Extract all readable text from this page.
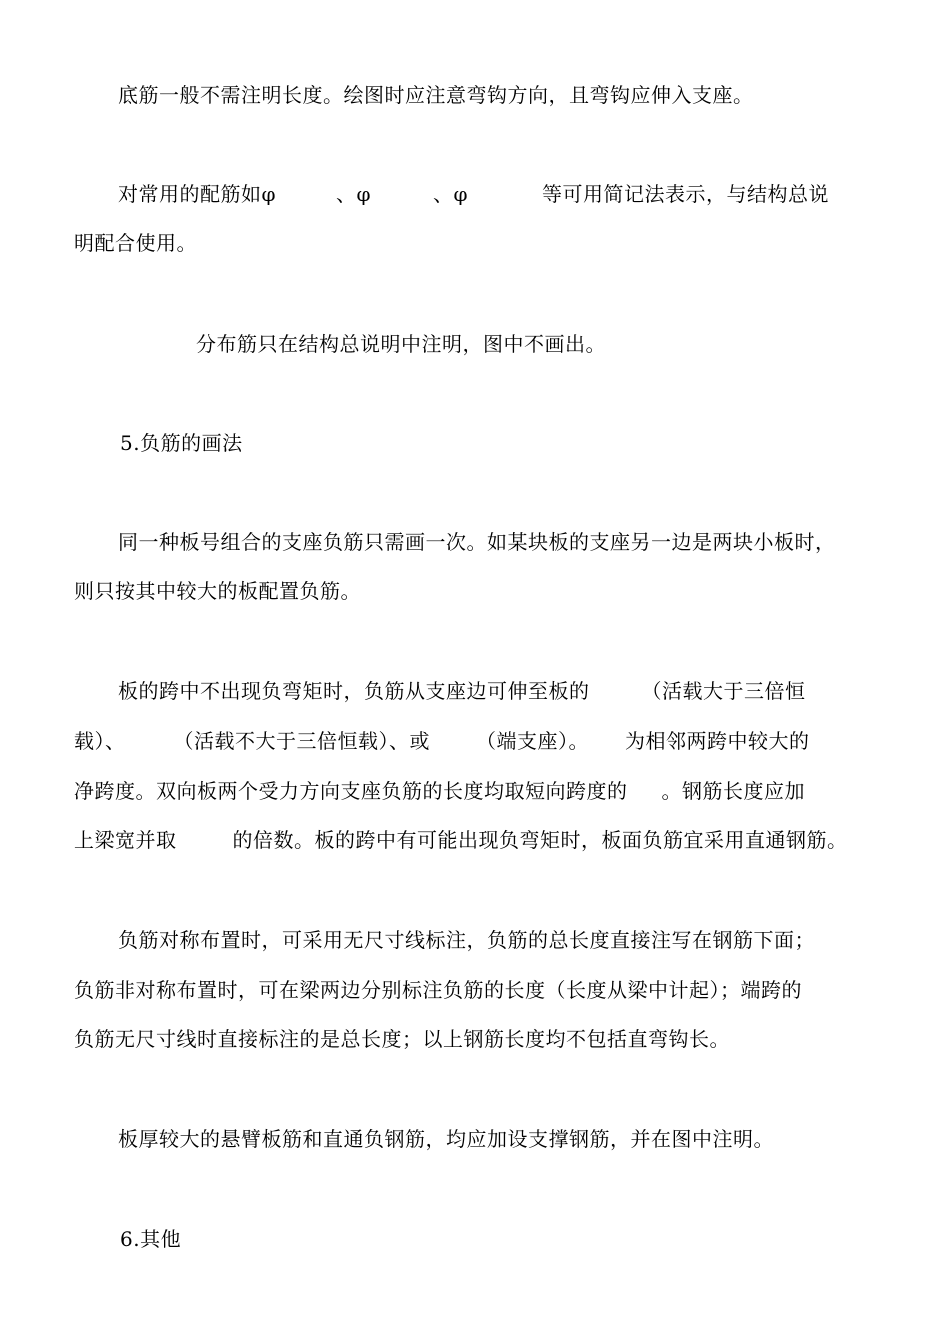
底筋一般不需注明长度。绘图时应注意弯钩方向，且弯钩应伸入支座。
对常用的配筋如φ	、φ	、φ	等可用简记法表示，与结构总说
明配合使用。
分布筋只在结构总说明中注明，图中不画出。
5.负筋的画法
同一种板号组合的支座负筋只需画一次。如某块板的支座另一边是两块小板时，
则只按其中较大的板配置负筋。
板的跨中不出现负弯矩时，负筋从支座边可伸至板的	（活载大于三倍恒
载）、 （活载不大于三倍恒载）、或 （端支座）。 为相邻两跨中较大的
净跨度。双向板两个受力方向支座负筋的长度均取短向跨度的 。钢筋长度应加
上梁宽并取	的倍数。板的跨中有可能出现负弯矩时，板面负筋宜采用直通钢筋。
负筋对称布置时，可采用无尺寸线标注，负筋的总长度直接注写在钢筋下面；
负筋非对称布置时，可在梁两边分别标注负筋的长度（长度从梁中计起）；端跨的
负筋无尺寸线时直接标注的是总长度；以上钢筋长度均不包括直弯钩长。
板厚较大的悬臂板筋和直通负钢筋，均应加设支撑钢筋，并在图中注明。
6.其他
